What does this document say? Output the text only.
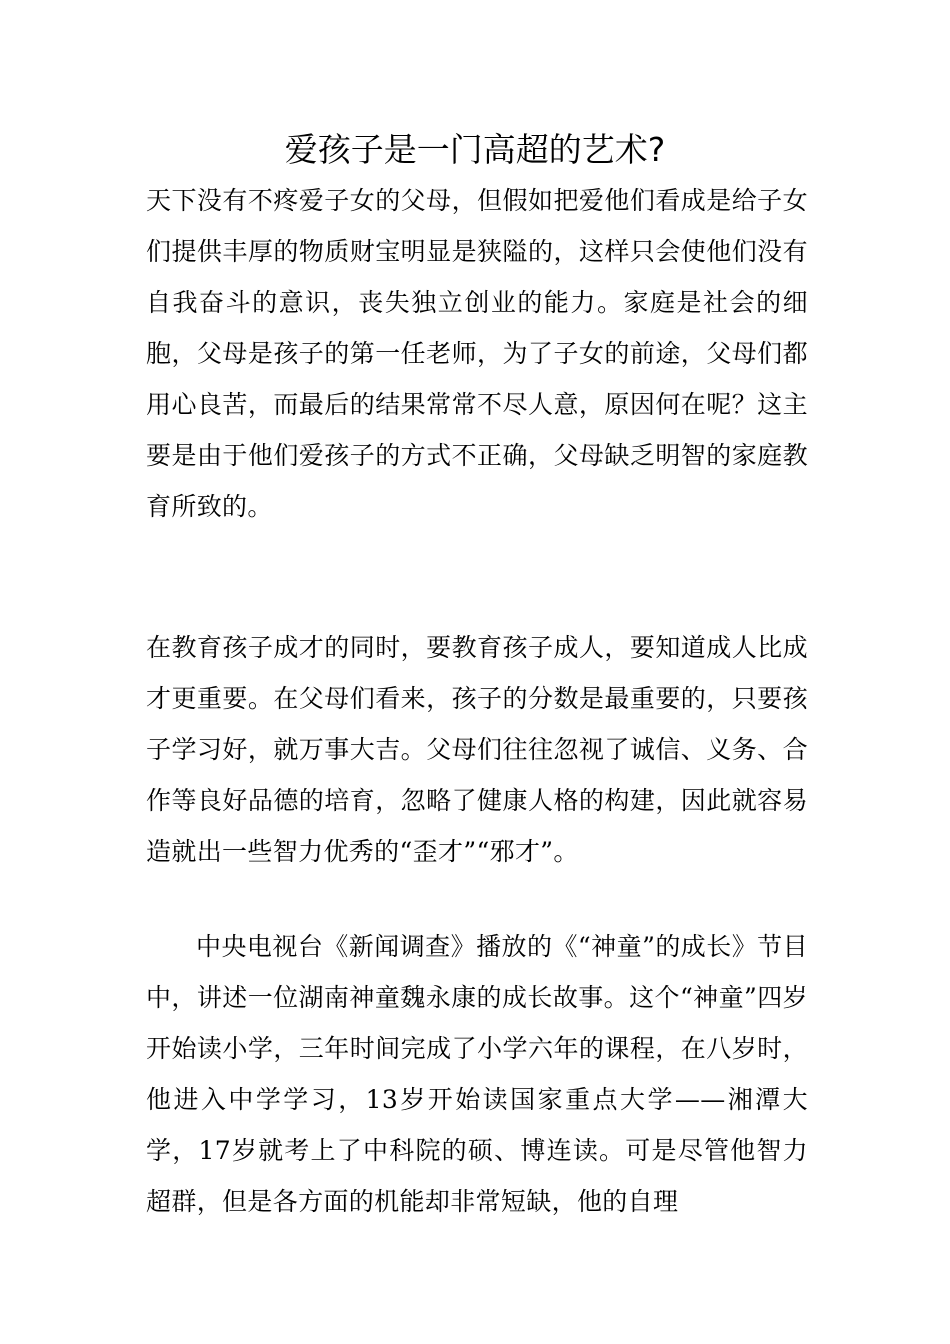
爱孩子是一门高超的艺术?

天下没有不疼爱子女的父母，但假如把爱他们看成是给子女们提供丰厚的物质财宝明显是狭隘的，这样只会使他们没有自我奋斗的意识，丧失独立创业的能力。家庭是社会的细胞，父母是孩子的第一任老师，为了子女的前途，父母们都用心良苦，而最后的结果常常不尽人意，原因何在呢？这主要是由于他们爱孩子的方式不正确，父母缺乏明智的家庭教育所致的。

在教育孩子成才的同时，要教育孩子成人，要知道成人比成才更重要。在父母们看来，孩子的分数是最重要的，只要孩子学习好，就万事大吉。父母们往往忽视了诚信、义务、合作等良好品德的培育，忽略了健康人格的构建，因此就容易造就出一些智力优秀的“歪才”“邪才”。

中央电视台《新闻调查》播放的《“神童”的成长》节目中，讲述一位湖南神童魏永康的成长故事。这个“神童”四岁开始读小学，三年时间完成了小学六年的课程，在八岁时，他进入中学学习，13岁开始读国家重点大学——湘潭大学，17岁就考上了中科院的硕、博连读。可是尽管他智力超群，但是各方面的机能却非常短缺，他的自理
